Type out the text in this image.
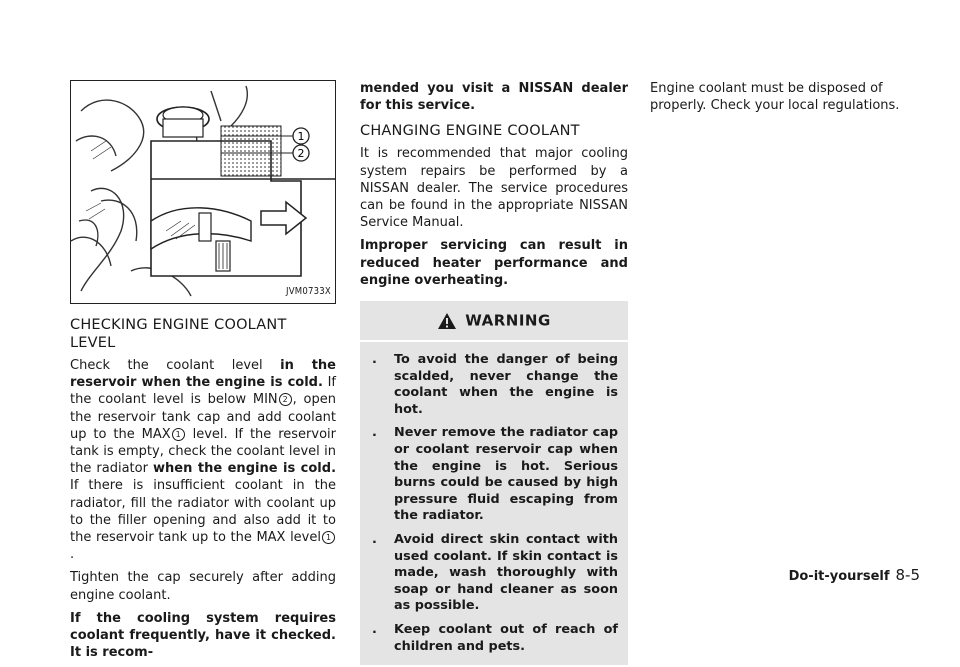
1
2
JVM0733X
CHECKING ENGINE COOLANT LEVEL

Check the coolant level in the reservoir when the engine is cold. If the coolant level is below MIN 2 , open the reservoir tank cap and add coolant up to the MAX 1 level. If the reservoir tank is empty, check the coolant level in the radiator when the engine is cold. If there is insufficient coolant in the radiator, fill the radiator with coolant up to the filler opening and also add it to the reservoir tank up to the MAX level 1.

Tighten the cap securely after adding engine coolant.

If the cooling system requires coolant frequently, have it checked. It is recom-

mended you visit a NISSAN dealer for this service.

CHANGING ENGINE COOLANT

It is recommended that major cooling system repairs be performed by a NISSAN dealer. The service procedures can be found in the appropriate NISSAN Service Manual.

Improper servicing can result in reduced heater performance and engine overheating.

WARNING
. To avoid the danger of being scalded, never change the coolant when the engine is hot.
. Never remove the radiator cap or coolant reservoir cap when the engine is hot. Serious burns could be caused by high pressure fluid escaping from the radiator.
. Avoid direct skin contact with used coolant. If skin contact is made, wash thoroughly with soap or hand cleaner as soon as possible.
. Keep coolant out of reach of children and pets.

Engine coolant must be disposed of properly. Check your local regulations.

Do-it-yourself 8-5
